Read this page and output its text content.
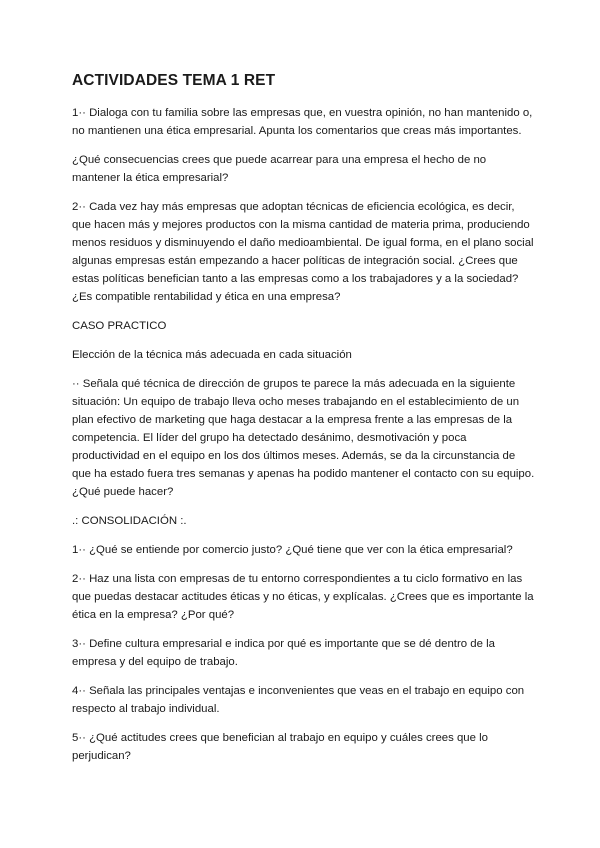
ACTIVIDADES TEMA 1 RET

1·· Dialoga con tu familia sobre las empresas que, en vuestra opinión, no han mantenido o, no mantienen una ética empresarial. Apunta los comentarios que creas más importantes.

¿Qué consecuencias crees que puede acarrear para una empresa el hecho de no mantener la ética empresarial?

2·· Cada vez hay más empresas que adoptan técnicas de eficiencia ecológica, es decir, que hacen más y mejores productos con la misma cantidad de materia prima, produciendo menos residuos y disminuyendo el daño medioambiental. De igual forma, en el plano social algunas empresas están empezando a hacer políticas de integración social. ¿Crees que estas políticas benefician tanto a las empresas como a los trabajadores y a la sociedad? ¿Es compatible rentabilidad y ética en una empresa?

CASO PRACTICO

Elección de la técnica más adecuada en cada situación

·· Señala qué técnica de dirección de grupos te parece la más adecuada en la siguiente situación: Un equipo de trabajo lleva ocho meses trabajando en el establecimiento de un plan efectivo de marketing que haga destacar a la empresa frente a las empresas de la competencia. El líder del grupo ha detectado desánimo, desmotivación y poca productividad en el equipo en los dos últimos meses. Además, se da la circunstancia de que ha estado fuera tres semanas y apenas ha podido mantener el contacto con su equipo. ¿Qué puede hacer?

.: CONSOLIDACIÓN :.

1·· ¿Qué se entiende por comercio justo? ¿Qué tiene que ver con la ética empresarial?

2·· Haz una lista con empresas de tu entorno correspondientes a tu ciclo formativo en las que puedas destacar actitudes éticas y no éticas, y explícalas. ¿Crees que es importante la ética en la empresa? ¿Por qué?

3·· Define cultura empresarial e indica por qué es importante que se dé dentro de la empresa y del equipo de trabajo.

4·· Señala las principales ventajas e inconvenientes que veas en el trabajo en equipo con respecto al trabajo individual.

5·· ¿Qué actitudes crees que benefician al trabajo en equipo y cuáles crees que lo perjudican?
